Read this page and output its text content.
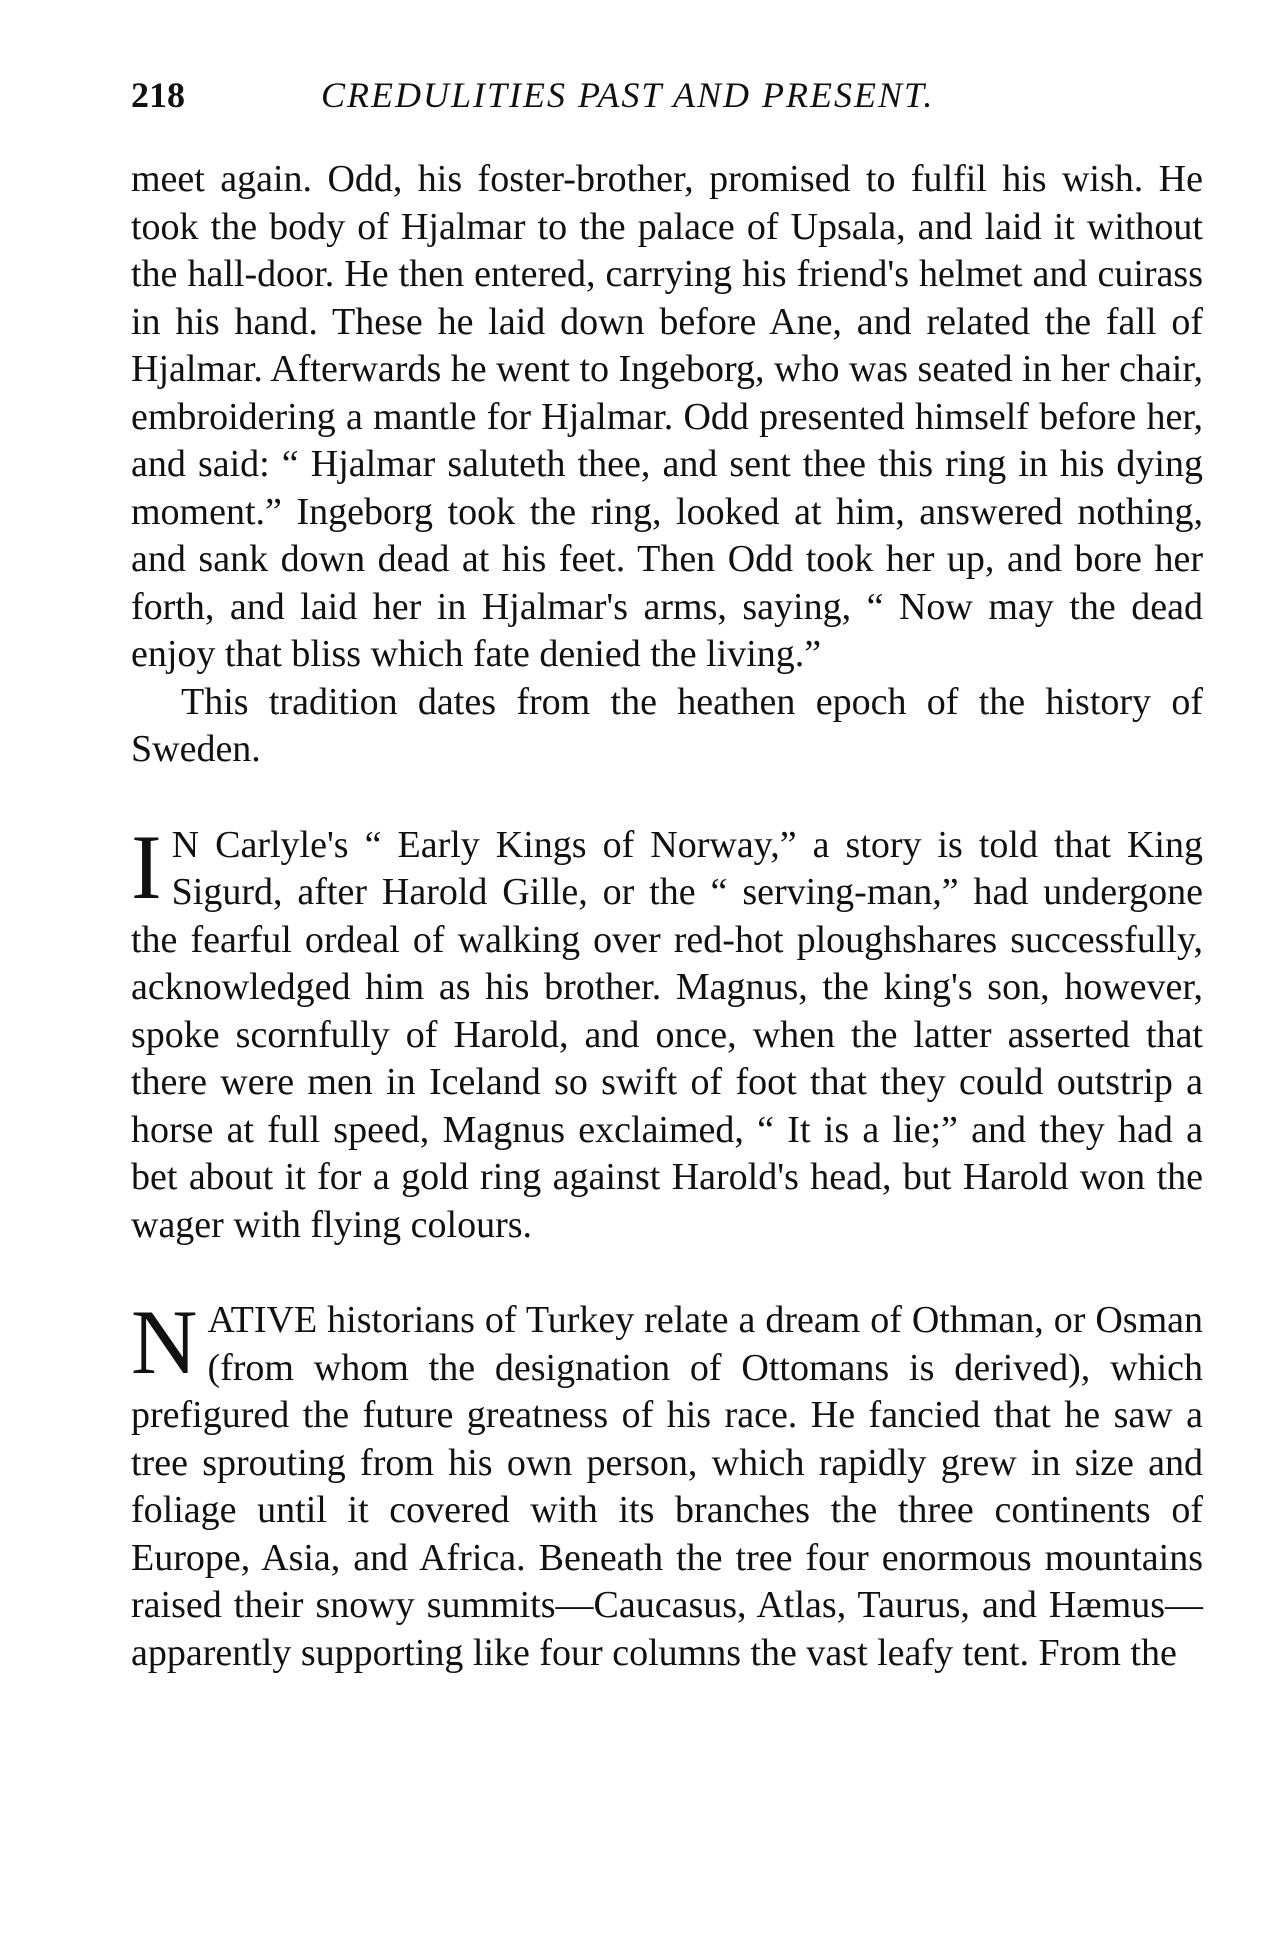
218	CREDULITIES PAST AND PRESENT.

meet again. Odd, his foster-brother, promised to fulfil his wish. He took the body of Hjalmar to the palace of Upsala, and laid it without the hall-door. He then entered, carrying his friend's helmet and cuirass in his hand. These he laid down before Ane, and related the fall of Hjalmar. Afterwards he went to Ingeborg, who was seated in her chair, embroidering a mantle for Hjalmar. Odd presented himself before her, and said: “ Hjalmar saluteth thee, and sent thee this ring in his dying moment.” Ingeborg took the ring, looked at him, answered nothing, and sank down dead at his feet. Then Odd took her up, and bore her forth, and laid her in Hjalmar's arms, saying, “ Now may the dead enjoy that bliss which fate denied the living.”

This tradition dates from the heathen epoch of the history of Sweden.

I N Carlyle's “ Early Kings of Norway,” a story is told that King Sigurd, after Harold Gille, or the “ serving-man,” had undergone the fearful ordeal of walking over red-hot ploughshares successfully, acknowledged him as his brother. Magnus, the king's son, however, spoke scornfully of Harold, and once, when the latter asserted that there were men in Iceland so swift of foot that they could outstrip a horse at full speed, Magnus exclaimed, “ It is a lie;” and they had a bet about it for a gold ring against Harold's head, but Harold won the wager with flying colours.

NATIVE historians of Turkey relate a dream of Othman, or Osman (from whom the designation of Ottomans is derived), which prefigured the future greatness of his race. He fancied that he saw a tree sprouting from his own person, which rapidly grew in size and foliage until it covered with its branches the three continents of Europe, Asia, and Africa. Beneath the tree four enormous mountains raised their snowy summits—Caucasus, Atlas, Taurus, and Hæmus—apparently supporting like four columns the vast leafy tent. From the
